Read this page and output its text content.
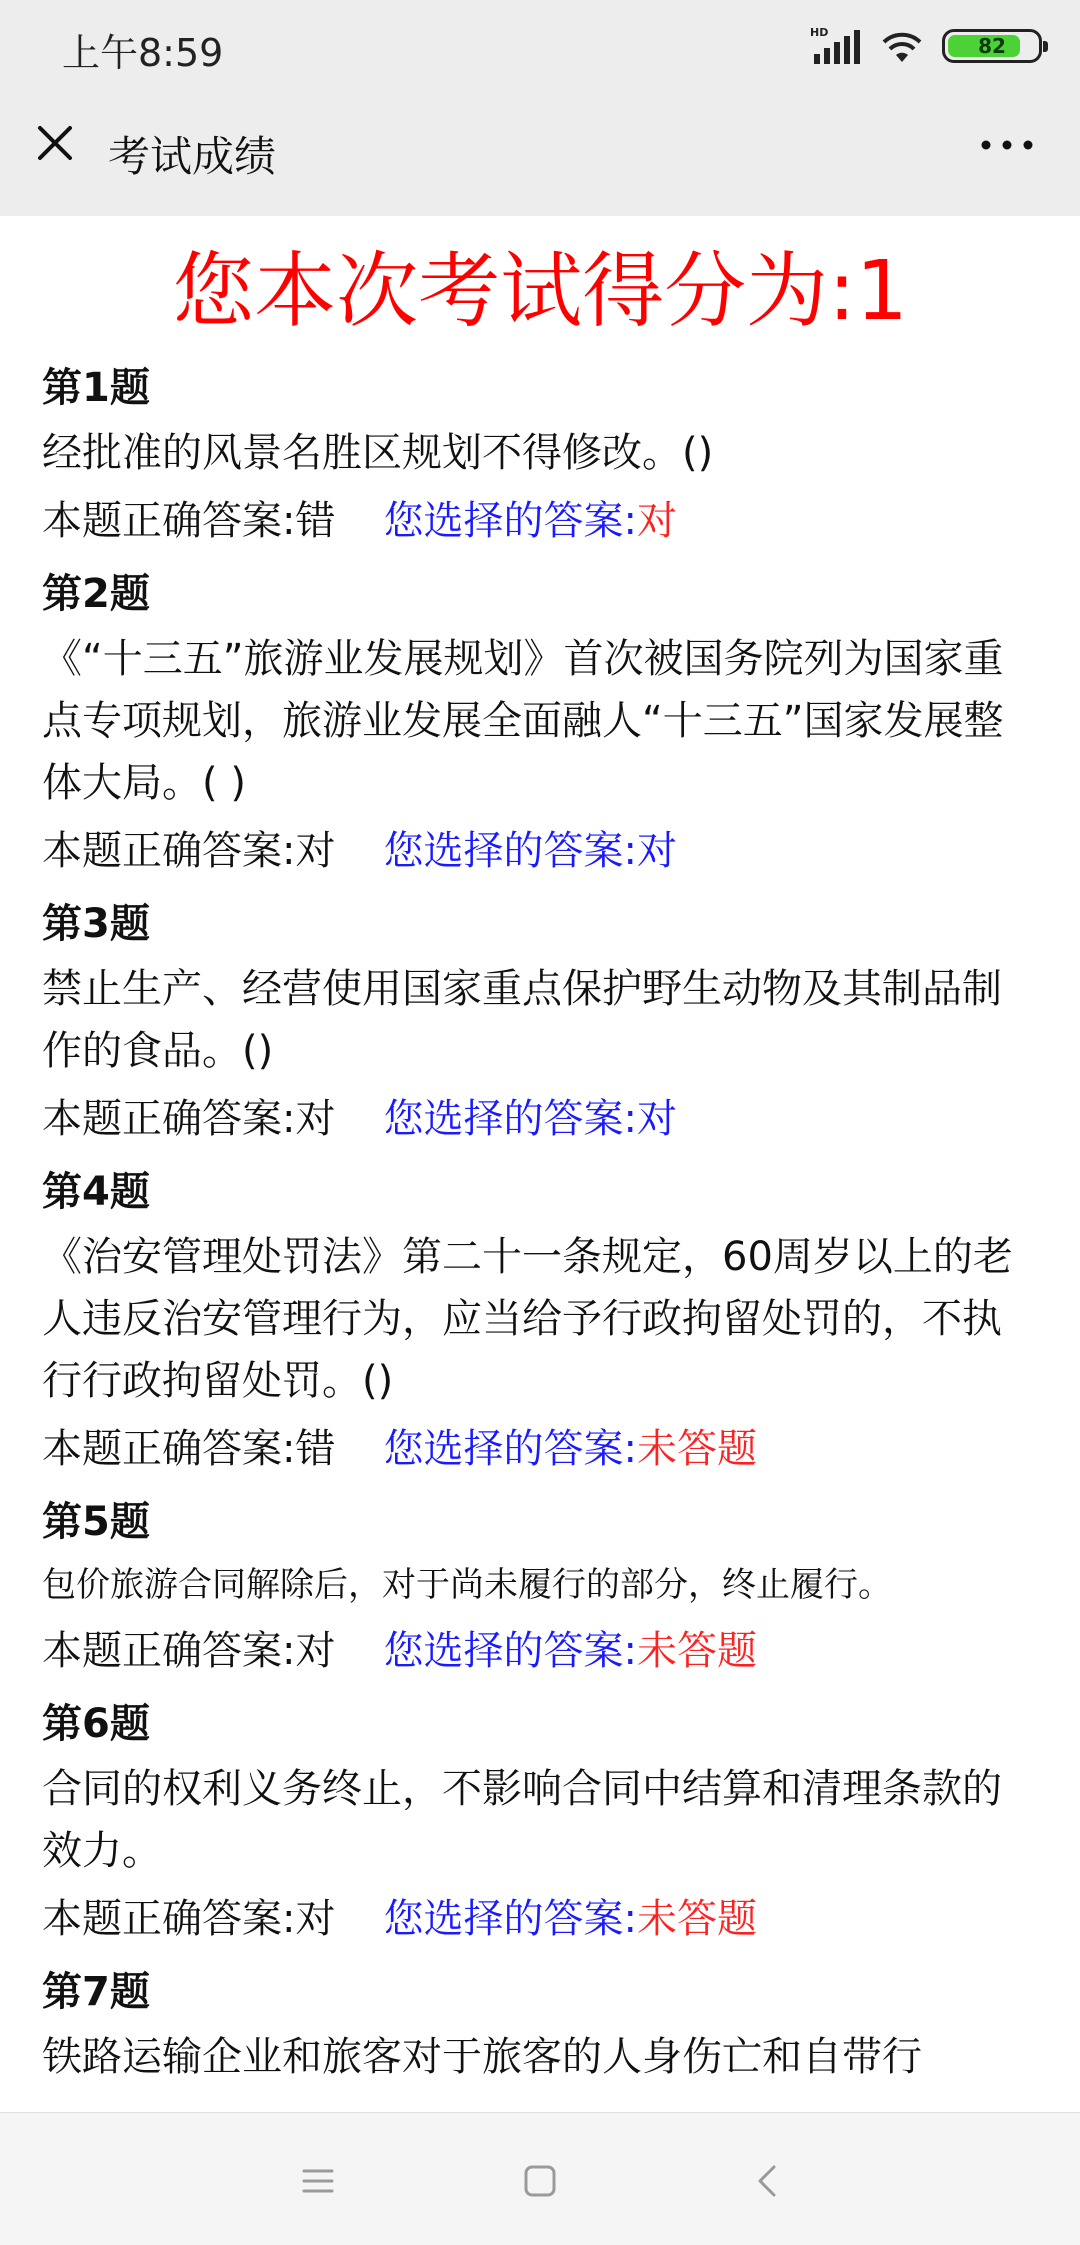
上午8:59	HD
82
考试成绩
您本次考试得分为:1
第1题
经批准的风景名胜区规划不得修改。()
本题正确答案:错 您选择的答案:对
第2题
《“十三五”旅游业发展规划》首次被国务院列为国家重点专项规划，旅游业发展全面融人“十三五”国家发展整体大局。( )
本题正确答案:对 您选择的答案:对
第3题
禁止生产、经营使用国家重点保护野生动物及其制品制作的食品。()
本题正确答案:对 您选择的答案:对
第4题
《治安管理处罚法》第二十一条规定，60周岁以上的老人违反治安管理行为，应当给予行政拘留处罚的，不执行行政拘留处罚。()
本题正确答案:错 您选择的答案:未答题
第5题
包价旅游合同解除后，对于尚未履行的部分，终止履行。
本题正确答案:对 您选择的答案:未答题
第6题
合同的权利义务终止，不影响合同中结算和清理条款的效力。
本题正确答案:对 您选择的答案:未答题
第7题
铁路运输企业和旅客对于旅客的人身伤亡和自带行
